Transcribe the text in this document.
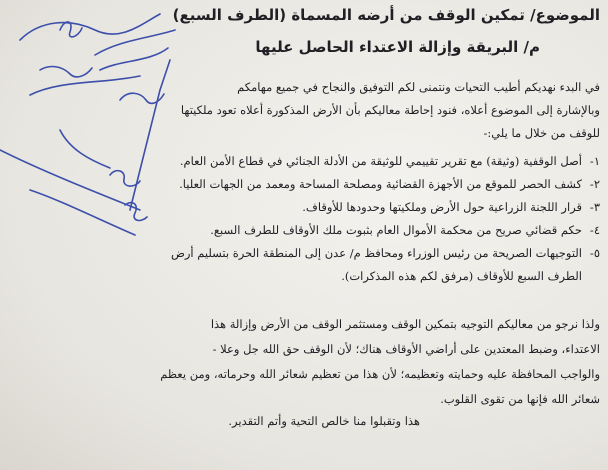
الموضوع/ تمكين الوقف من أرضه المسماة (الطرف السبع)
م/ البريقة وإزالة الاعتداء الحاصل عليها
في البدء نهديكم أطيب التحيات ونتمنى لكم التوفيق والنجاح في جميع مهامكم
وبالإشارة إلى الموضوع أعلاه، فنود إحاطة معاليكم بأن الأرض المذكورة أعلاه تعود ملكيتها
للوقف من خلال ما يلي:-
١-
أصل الوقفية (وثيقة) مع تقرير تقييمي للوثيقة من الأدلة الجنائي في قطاع الأمن العام.
٢-
كشف الحصر للموقع من الأجهزة القضائية ومصلحة المساحة ومعمد من الجهات العليا.
٣-
قرار اللجنة الزراعية حول الأرض وملكيتها وحدودها للأوقاف.
٤-
حكم قضائي صريح من محكمة الأموال العام بثبوت ملك الأوقاف للطرف السبع.
٥-
التوجيهات الصريحة من رئيس الوزراء ومحافظ م/ عدن إلى المنطقة الحرة بتسليم أرض
الطرف السبع للأوقاف (مرفق لكم هذه المذكرات).
ولذا نرجو من معاليكم التوجيه بتمكين الوقف ومستثمر الوقف من الأرض وإزالة هذا
الاعتداء، وضبط المعتدين على أراضي الأوقاف هناك؛ لأن الوقف حق الله جل وعلا -
والواجب المحافظة عليه وحمايته وتعظيمه؛ لأن هذا من تعظيم شعائر الله وحرماته، ومن يعظم
شعائر الله فإنها من تقوى القلوب.
هذا وتقبلوا منا خالص التحية وأتم التقدير.
